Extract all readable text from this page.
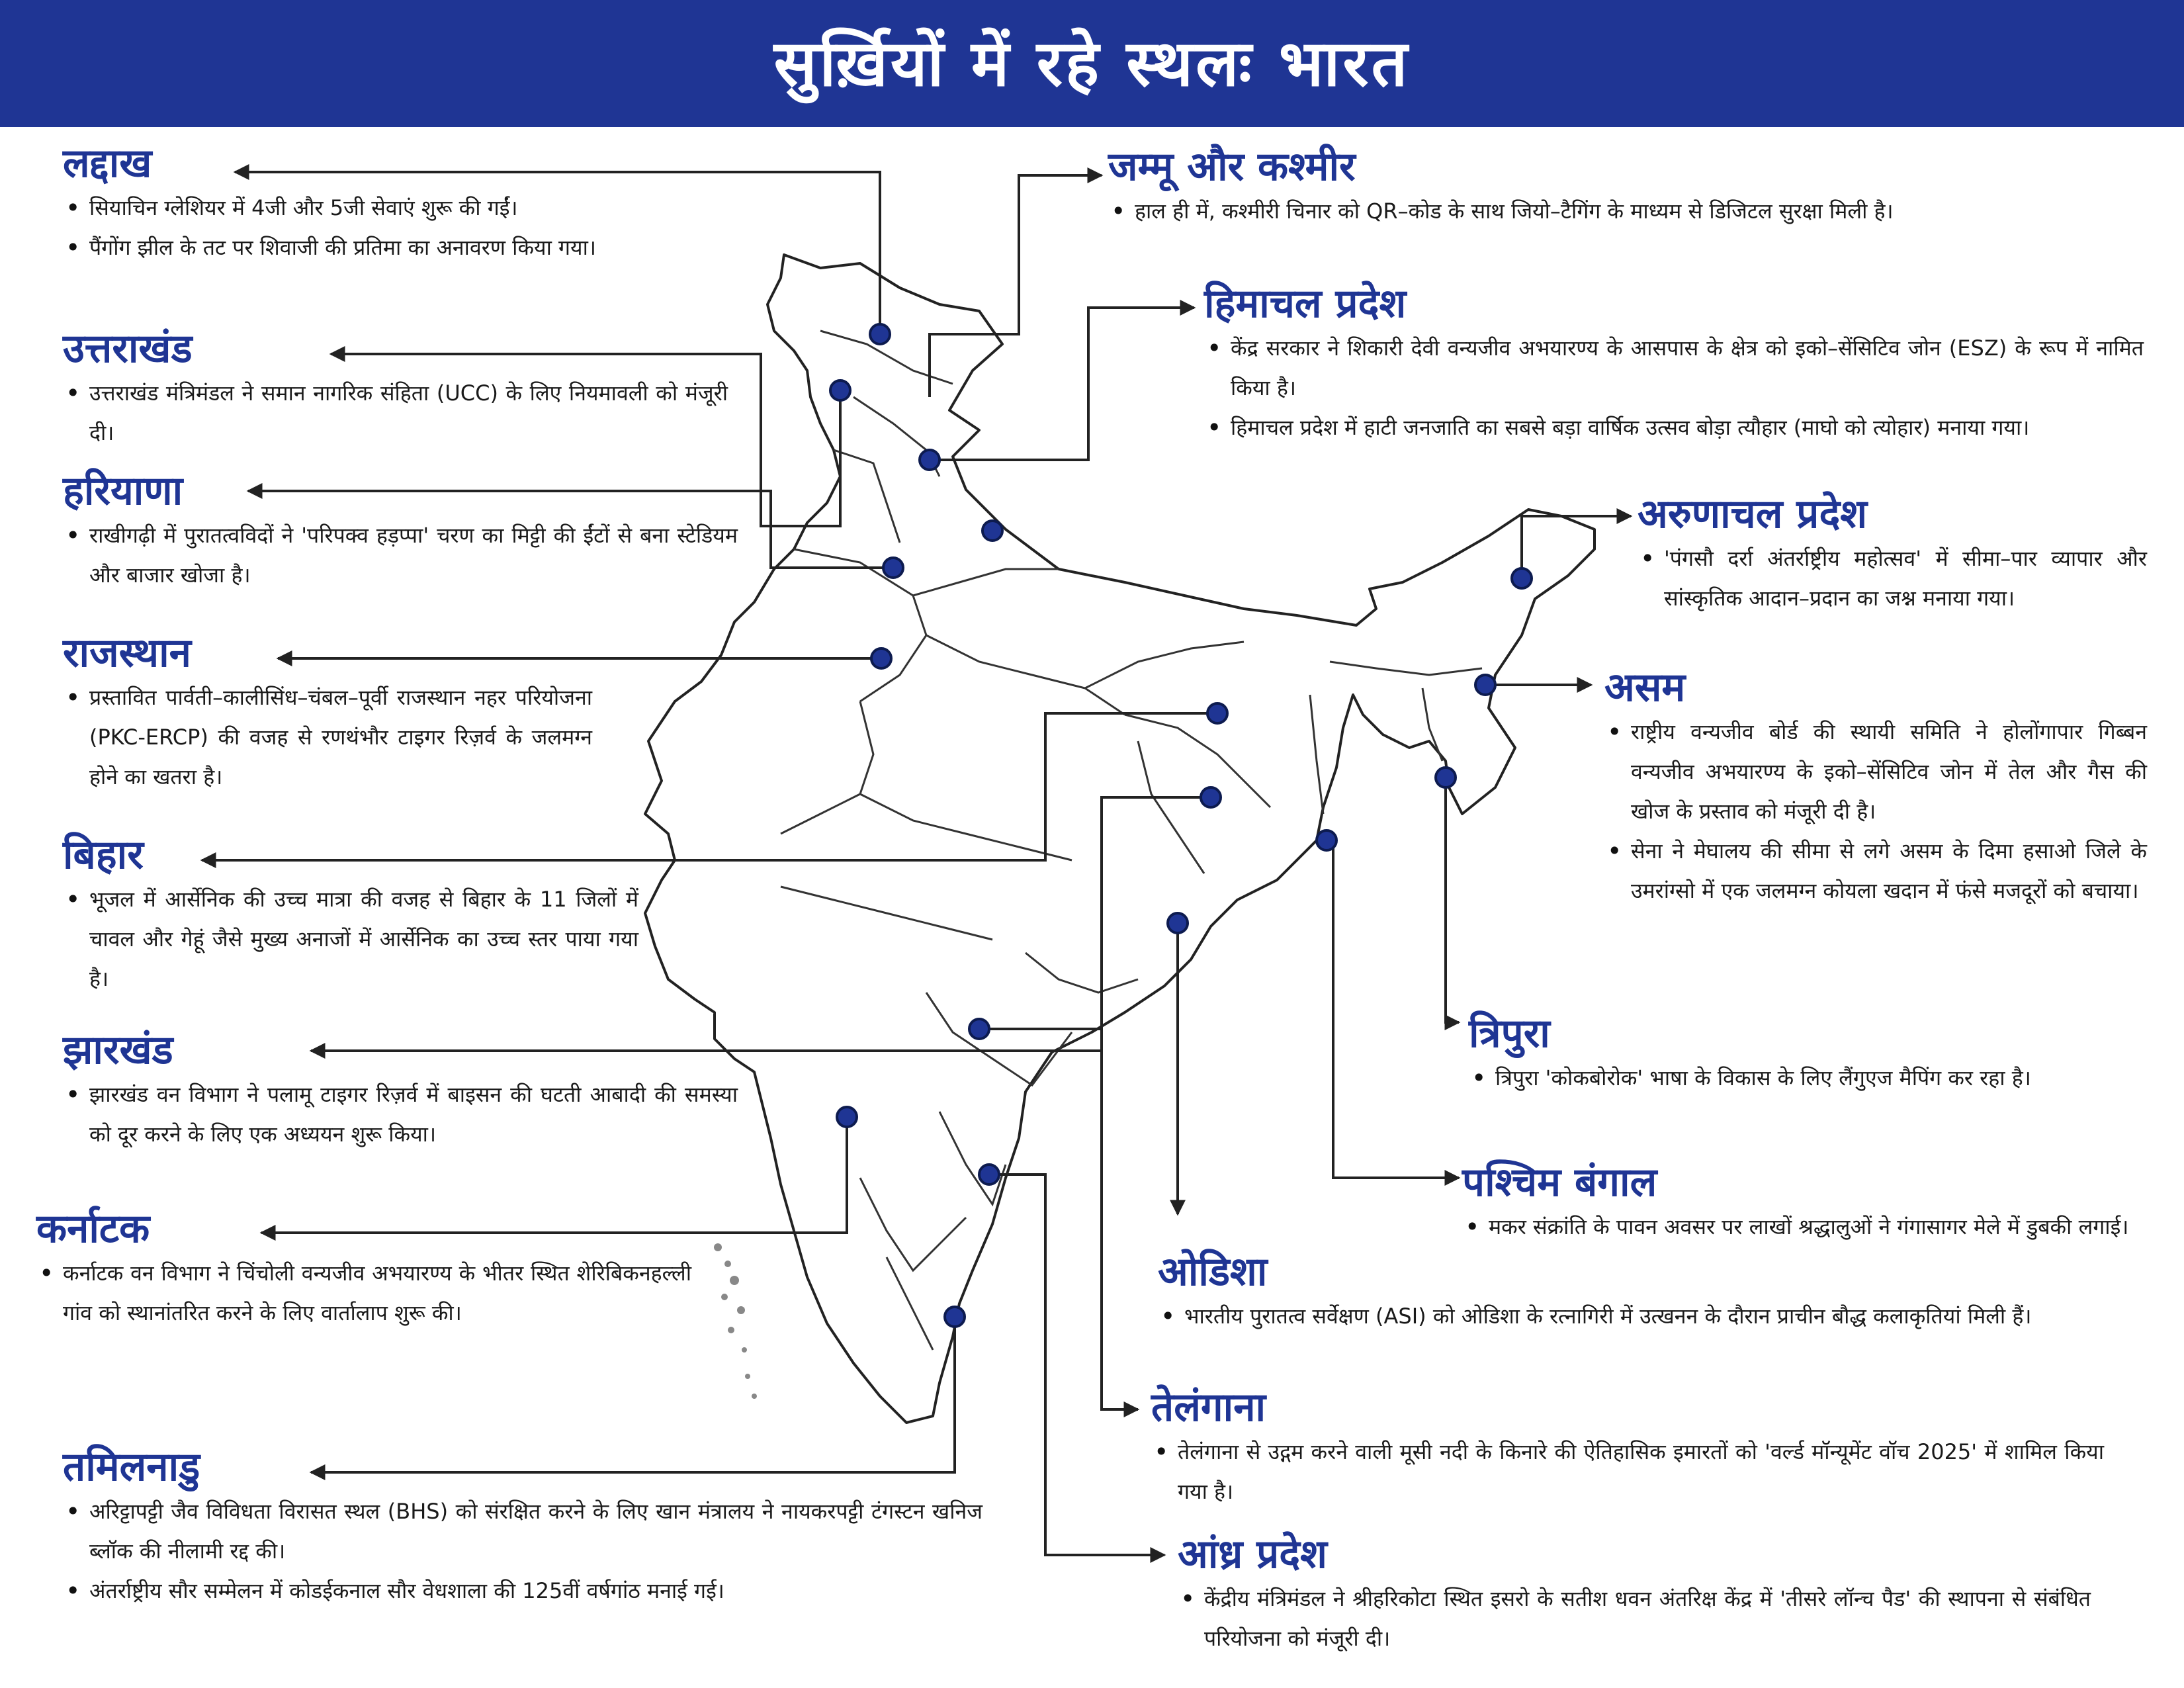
सुर्ख़ियों में रहे स्थलः भारत
लद्दाख
• सियाचिन ग्लेशियर में 4जी और 5जी सेवाएं शुरू की गईं।
• पैंगोंग झील के तट पर शिवाजी की प्रतिमा का अनावरण किया गया।
उत्तराखंड
• उत्तराखंड मंत्रिमंडल ने समान नागरिक संहिता (UCC) के लिए नियमावली को मंजूरी दी।
हरियाणा
• राखीगढ़ी में पुरातत्वविदों ने 'परिपक्व हड़प्पा' चरण का मिट्टी की ईंटों से बना स्टेडियम और बाजार खोजा है।
राजस्थान
• प्रस्तावित पार्वती–कालीसिंध–चंबल–पूर्वी राजस्थान नहर परियोजना (PKC-ERCP) की वजह से रणथंभौर टाइगर रिज़र्व के जलमग्न होने का खतरा है।
बिहार
• भूजल में आर्सेनिक की उच्च मात्रा की वजह से बिहार के 11 जिलों में चावल और गेहूं जैसे मुख्य अनाजों में आर्सेनिक का उच्च स्तर पाया गया है।
झारखंड
• झारखंड वन विभाग ने पलामू टाइगर रिज़र्व में बाइसन की घटती आबादी की समस्या को दूर करने के लिए एक अध्ययन शुरू किया।
कर्नाटक
• कर्नाटक वन विभाग ने चिंचोली वन्यजीव अभयारण्य के भीतर स्थित शेरिबिकनहल्ली गांव को स्थानांतरित करने के लिए वार्तालाप शुरू की।
तमिलनाडु
• अरिट्टापट्टी जैव विविधता विरासत स्थल (BHS) को संरक्षित करने के लिए खान मंत्रालय ने नायकरपट्टी टंगस्टन खनिज ब्लॉक की नीलामी रद्द की।
• अंतर्राष्ट्रीय सौर सम्मेलन में कोडईकनाल सौर वेधशाला की 125वीं वर्षगांठ मनाई गई।
जम्मू और कश्मीर
• हाल ही में, कश्मीरी चिनार को QR–कोड के साथ जियो–टैगिंग के माध्यम से डिजिटल सुरक्षा मिली है।
हिमाचल प्रदेश
• केंद्र सरकार ने शिकारी देवी वन्यजीव अभयारण्य के आसपास के क्षेत्र को इको–सेंसिटिव जोन (ESZ) के रूप में नामित किया है।
• हिमाचल प्रदेश में हाटी जनजाति का सबसे बड़ा वार्षिक उत्सव बोड़ा त्यौहार (माघो को त्योहार) मनाया गया।
अरुणाचल प्रदेश
• 'पंगसौ दर्रा अंतर्राष्ट्रीय महोत्सव' में सीमा–पार व्यापार और सांस्कृतिक आदान–प्रदान का जश्न मनाया गया।
असम
• राष्ट्रीय वन्यजीव बोर्ड की स्थायी समिति ने होलोंगापार गिब्बन वन्यजीव अभयारण्य के इको–सेंसिटिव जोन में तेल और गैस की खोज के प्रस्ताव को मंजूरी दी है।
• सेना ने मेघालय की सीमा से लगे असम के दिमा हसाओ जिले के उमरांग्सो में एक जलमग्न कोयला खदान में फंसे मजदूरों को बचाया।
त्रिपुरा
• त्रिपुरा 'कोकबोरोक' भाषा के विकास के लिए लैंगुएज मैपिंग कर रहा है।
पश्चिम बंगाल
• मकर संक्रांति के पावन अवसर पर लाखों श्रद्धालुओं ने गंगासागर मेले में डुबकी लगाई।
ओडिशा
• भारतीय पुरातत्व सर्वेक्षण (ASI) को ओडिशा के रत्नागिरी में उत्खनन के दौरान प्राचीन बौद्ध कलाकृतियां मिली हैं।
तेलंगाना
• तेलंगाना से उद्गम करने वाली मूसी नदी के किनारे की ऐतिहासिक इमारतों को 'वर्ल्ड मॉन्यूमेंट वॉच 2025' में शामिल किया गया है।
आंध्र प्रदेश
• केंद्रीय मंत्रिमंडल ने श्रीहरिकोटा स्थित इसरो के सतीश धवन अंतरिक्ष केंद्र में 'तीसरे लॉन्च पैड' की स्थापना से संबंधित परियोजना को मंजूरी दी।
